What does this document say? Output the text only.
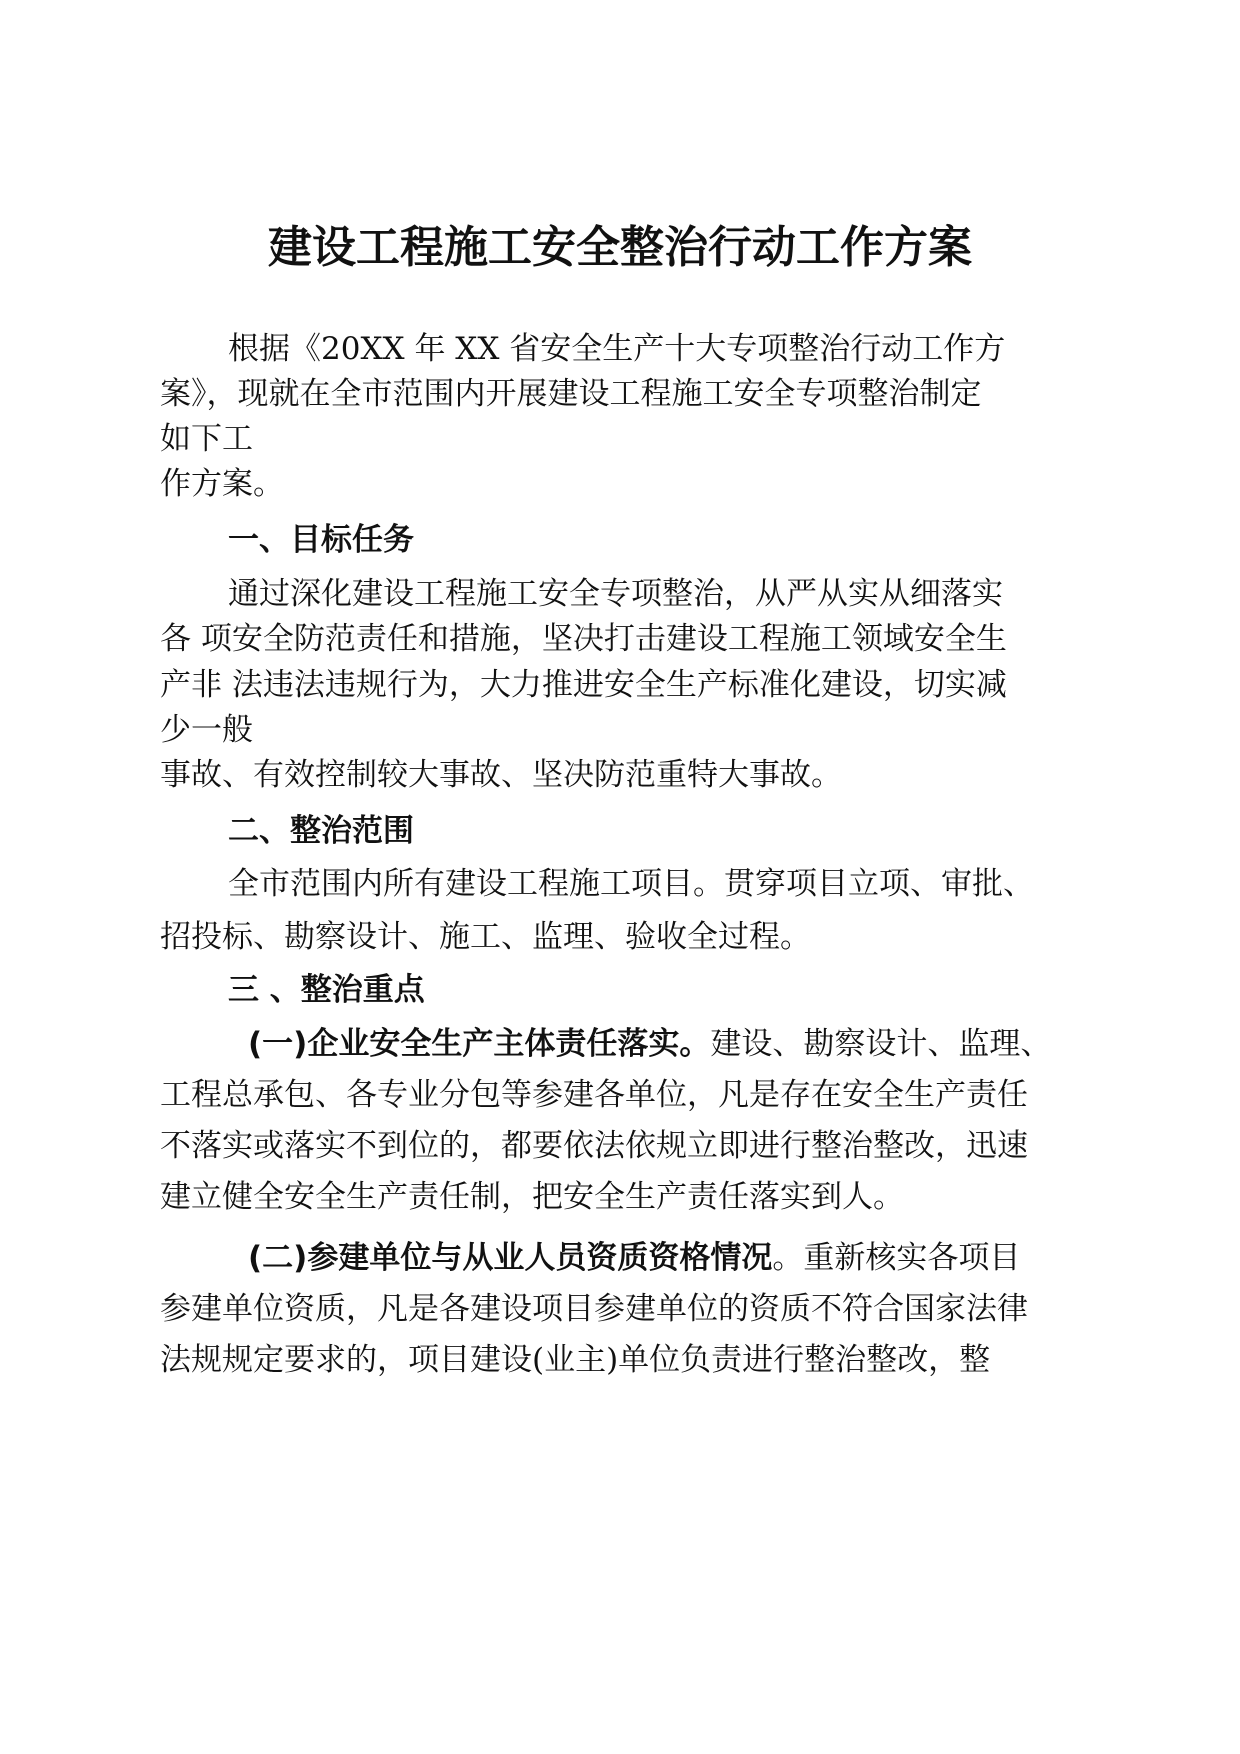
建设工程施工安全整治行动工作方案
根据《20XX 年 XX 省安全生产十大专项整治行动工作方
案》，现就在全市范围内开展建设工程施工安全专项整治制定
如下工
作方案。
一、目标任务
通过深化建设工程施工安全专项整治，从严从实从细落实
各 项安全防范责任和措施，坚决打击建设工程施工领域安全生
产非 法违法违规行为，大力推进安全生产标准化建设，切实减
少一般
事故、有效控制较大事故、坚决防范重特大事故。
二、整治范围
全市范围内所有建设工程施工项目。贯穿项目立项、审批、
招投标、勘察设计、施工、监理、验收全过程。
三 、整治重点
(一)企业安全生产主体责任落实。建设、勘察设计、监理、
工程总承包、各专业分包等参建各单位，凡是存在安全生产责任
不落实或落实不到位的，都要依法依规立即进行整治整改，迅速
建立健全安全生产责任制，把安全生产责任落实到人。
(二)参建单位与从业人员资质资格情况。重新核实各项目
参建单位资质，凡是各建设项目参建单位的资质不符合国家法律
法规规定要求的，项目建设(业主)单位负责进行整治整改，整
